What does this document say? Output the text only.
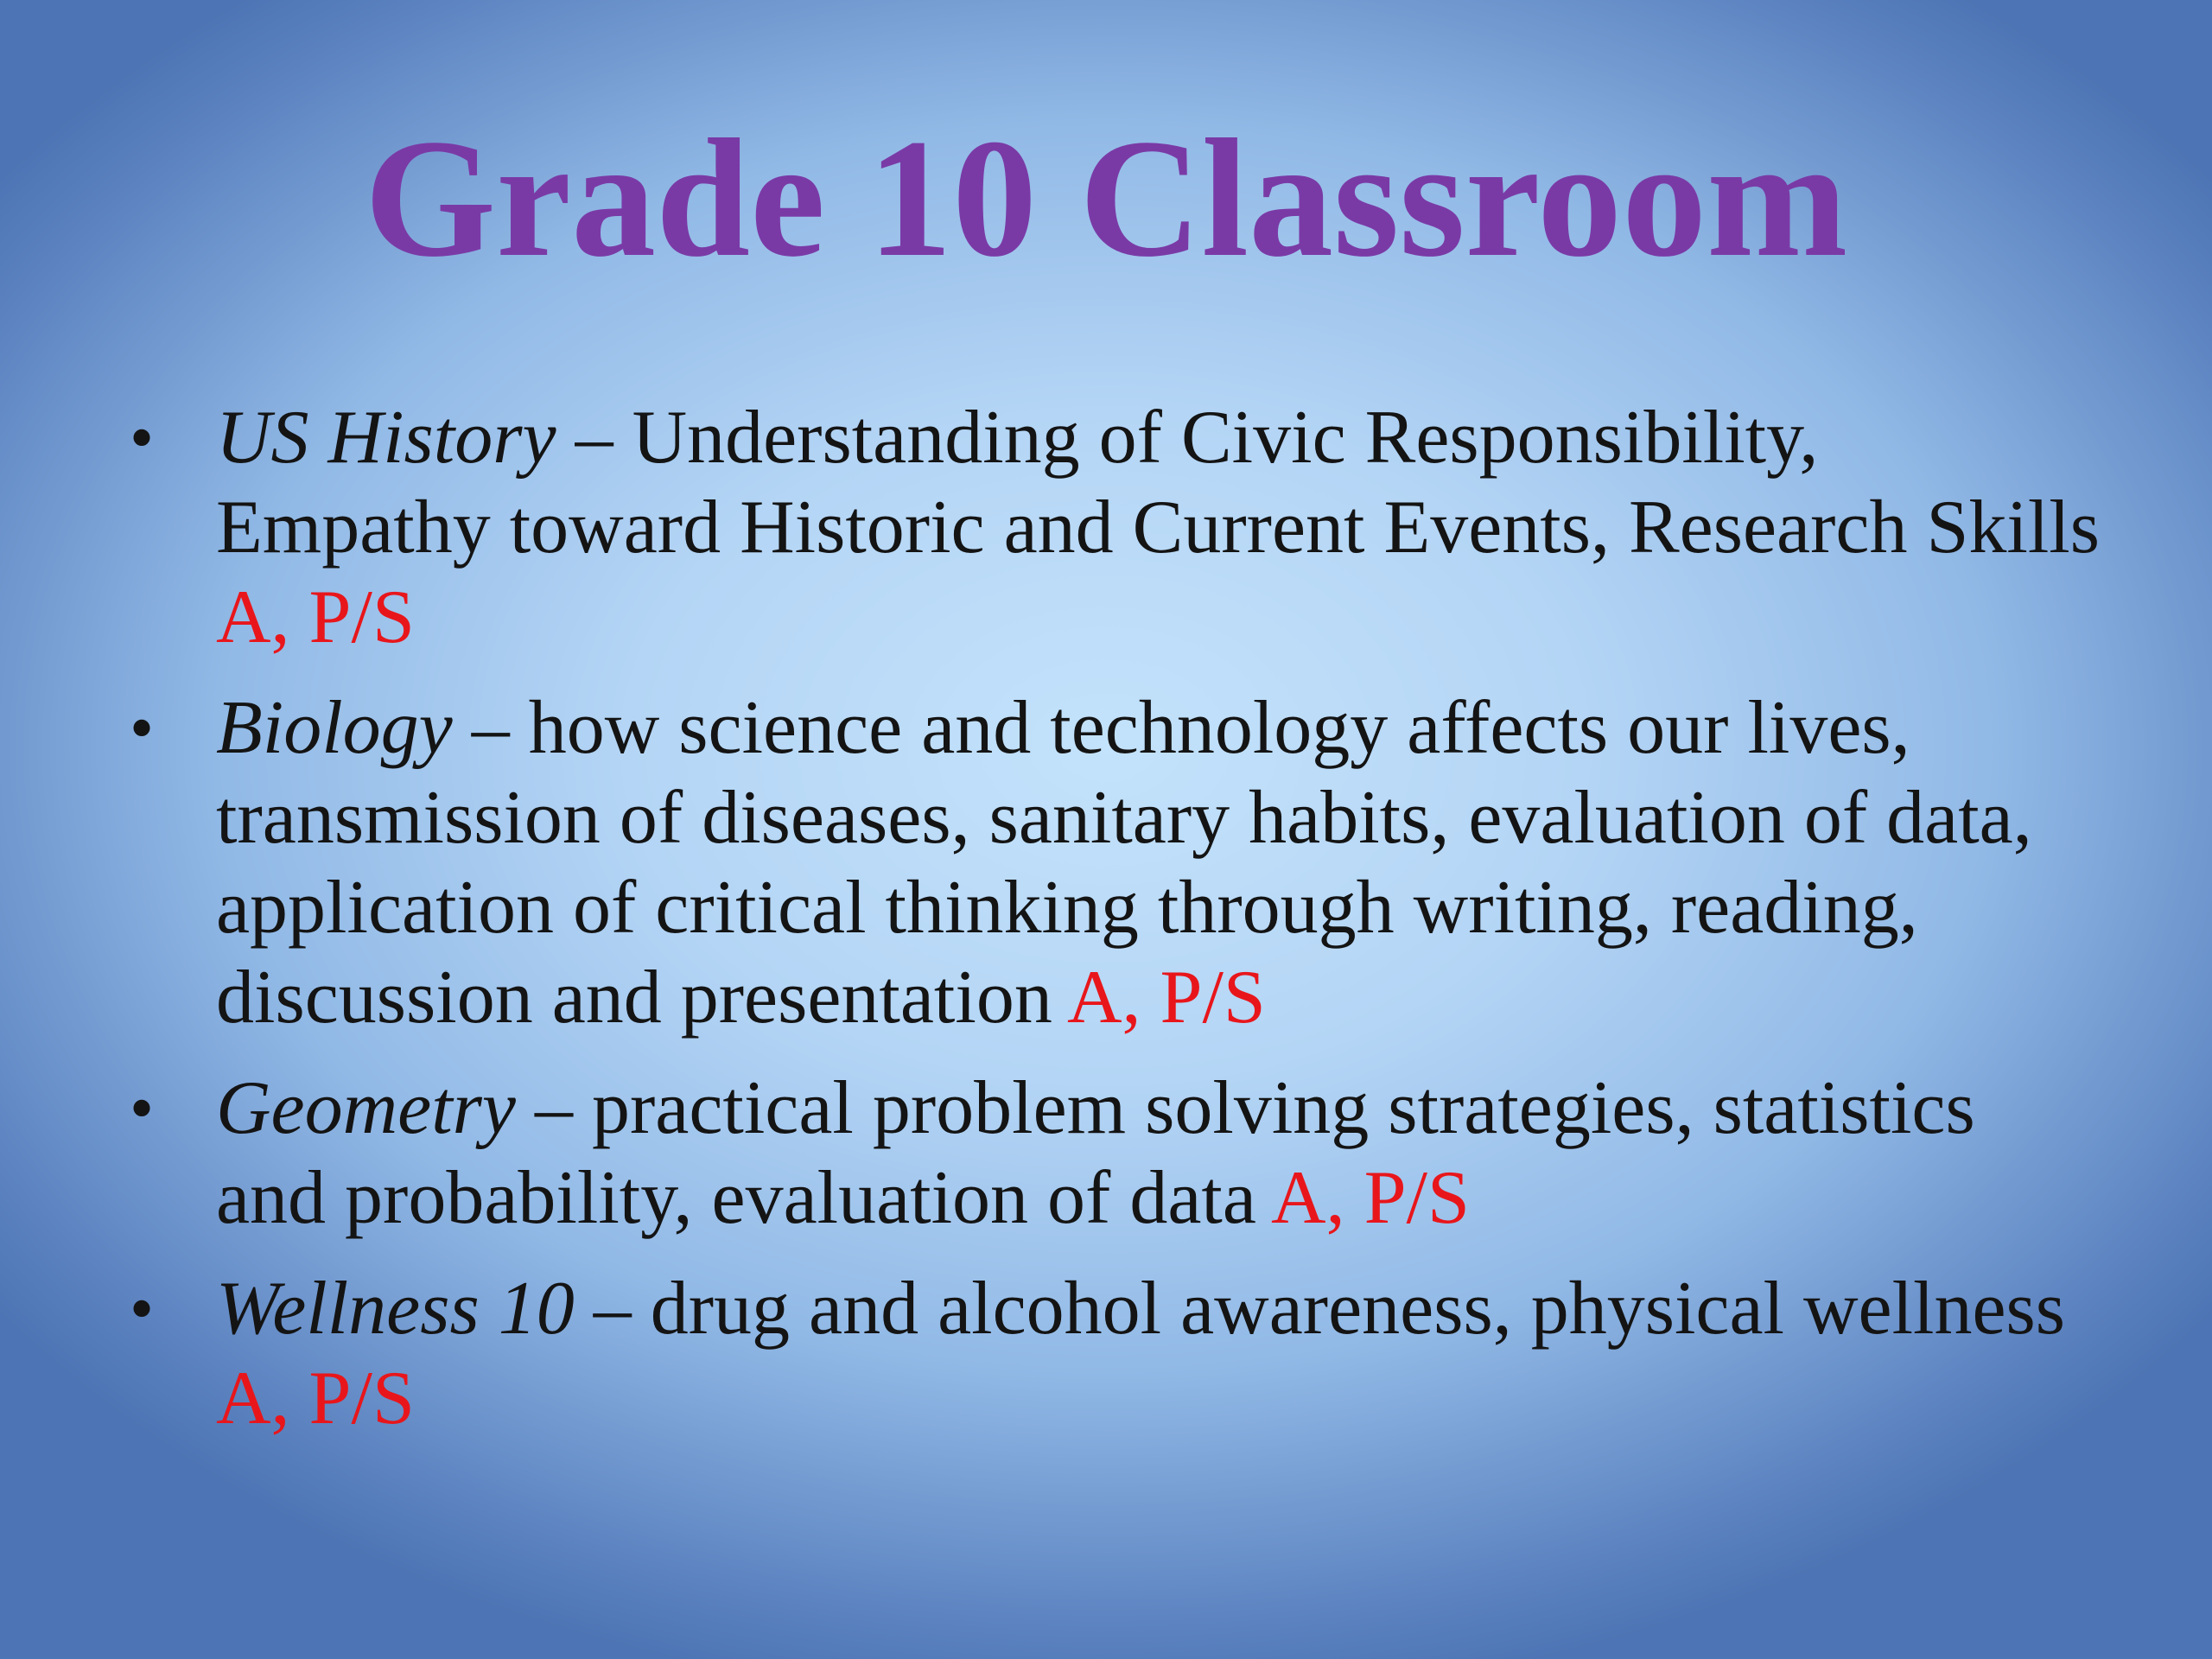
Grade 10 Classroom
• US History – Understanding of Civic Responsibility, Empathy toward Historic and Current Events, Research Skills A, P/S
• Biology – how science and technology affects our lives, transmission of diseases, sanitary habits, evaluation of data, application of critical thinking through writing, reading, discussion and presentation A, P/S
• Geometry – practical problem solving strategies, statistics and probability, evaluation of data A, P/S
• Wellness 10 – drug and alcohol awareness, physical wellness A, P/S
